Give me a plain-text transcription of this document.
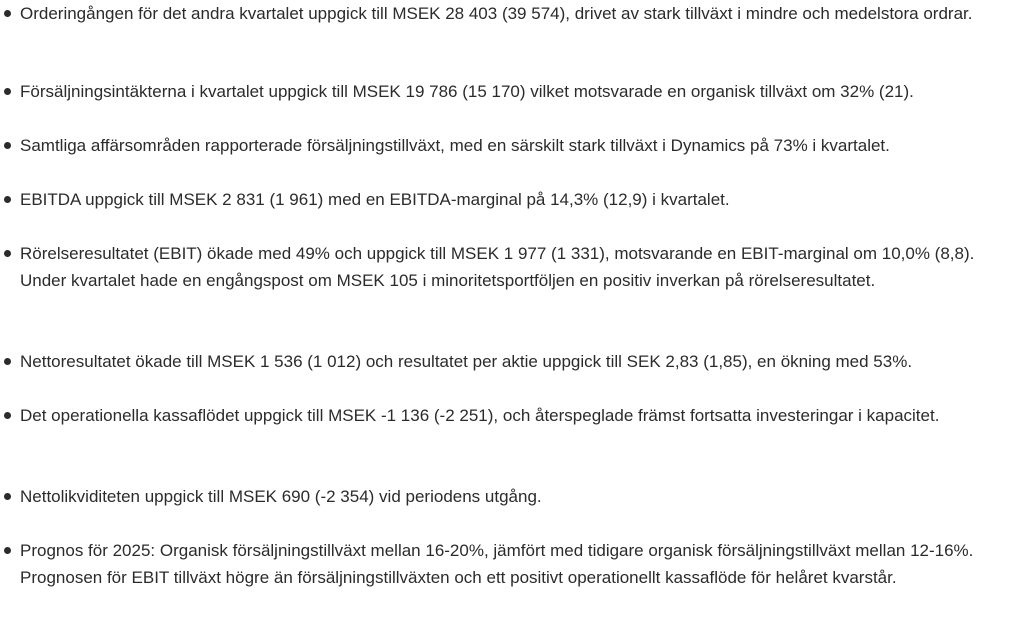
Orderingången för det andra kvartalet uppgick till MSEK 28 403 (39 574), drivet av stark tillväxt i mindre och medelstora ordrar.
Försäljningsintäkterna i kvartalet uppgick till MSEK 19 786 (15 170) vilket motsvarade en organisk tillväxt om 32% (21).
Samtliga affärsområden rapporterade försäljningstillväxt, med en särskilt stark tillväxt i Dynamics på 73% i kvartalet.
EBITDA uppgick till MSEK 2 831 (1 961) med en EBITDA-marginal på 14,3% (12,9) i kvartalet.
Rörelseresultatet (EBIT) ökade med 49% och uppgick till MSEK 1 977 (1 331), motsvarande en EBIT-marginal om 10,0% (8,8). Under kvartalet hade en engångspost om MSEK 105 i minoritetsportföljen en positiv inverkan på rörelseresultatet.
Nettoresultatet ökade till MSEK 1 536 (1 012) och resultatet per aktie uppgick till SEK 2,83 (1,85), en ökning med 53%.
Det operationella kassaflödet uppgick till MSEK -1 136 (-2 251), och återspeglade främst fortsatta investeringar i kapacitet.
Nettolikviditeten uppgick till MSEK 690 (-2 354) vid periodens utgång.
Prognos för 2025: Organisk försäljningstillväxt mellan 16-20%, jämfört med tidigare organisk försäljningstillväxt mellan 12-16%. Prognosen för EBIT tillväxt högre än försäljningstillväxten och ett positivt operationellt kassaflöde för helåret kvarstår.
